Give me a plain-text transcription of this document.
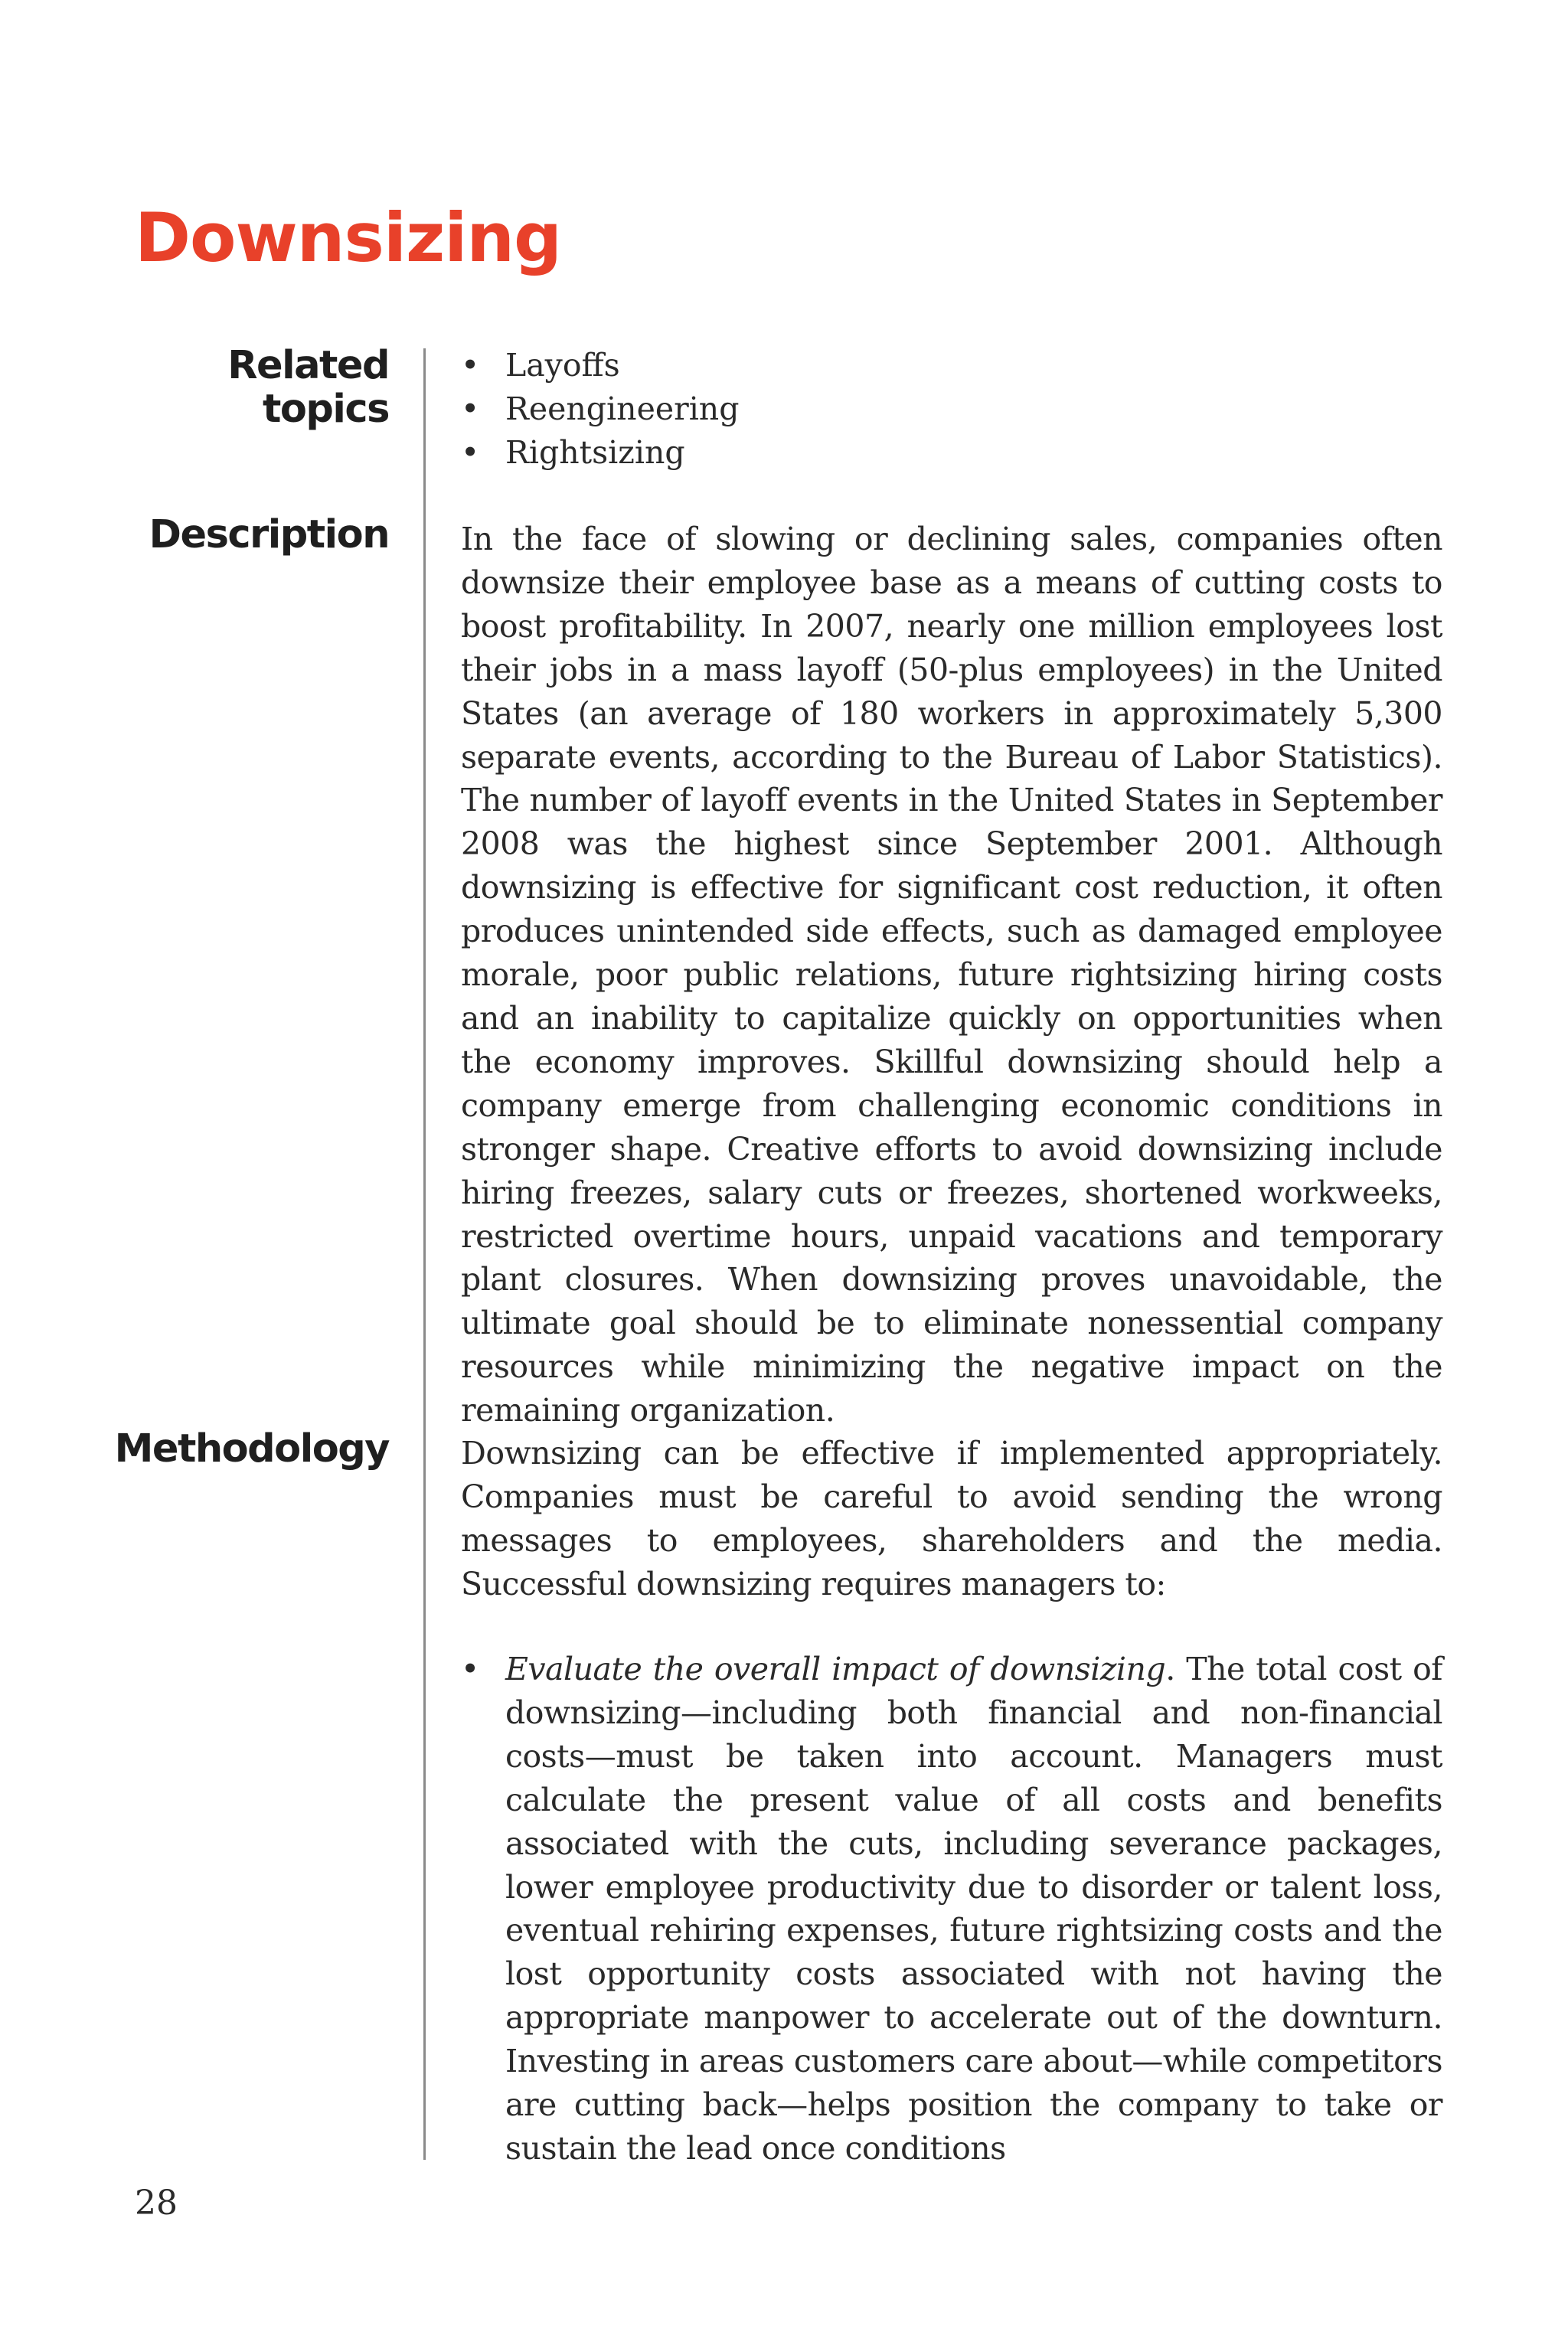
Downsizing
Related
topics
• Layoffs
• Reengineering
• Rightsizing
Description In the face of slowing or declining sales, companies often downsize their employee base as a means of cutting costs to boost profitability. In 2007, nearly one million employees lost their jobs in a mass layoff (50-plus employees) in the United States (an average of 180 workers in approximately 5,300 separate events, according to the Bureau of Labor Statistics). The number of layoff events in the United States in September 2008 was the highest since September 2001. Although downsizing is effective for significant cost reduction, it often produces unintended side effects, such as damaged employee morale, poor public relations, future rightsizing hiring costs and an inability to capitalize quickly on opportunities when the economy improves. Skillful downsizing should help a company emerge from challenging economic conditions in stronger shape. Creative efforts to avoid downsizing include hiring freezes, salary cuts or freezes, shortened workweeks, restricted overtime hours, unpaid vacations and temporary plant closures. When downsizing proves unavoidable, the ultimate goal should be to eliminate nonessential company resources while minimizing the negative impact on the remaining organization.
Methodology Downsizing can be effective if implemented appropriately. Companies must be careful to avoid sending the wrong messages to employees, shareholders and the media. Successful downsizing requires managers to:
• Evaluate the overall impact of downsizing. The total cost of downsizing—including both financial and non-financial costs—must be taken into account. Managers must calculate the present value of all costs and benefits associated with the cuts, including severance packages, lower employee productivity due to disorder or talent loss, eventual rehiring expenses, future rightsizing costs and the lost opportunity costs associated with not having the appropriate manpower to accelerate out of the downturn. Investing in areas customers care about—while competitors are cutting back—helps position the company to take or sustain the lead once conditions
28
